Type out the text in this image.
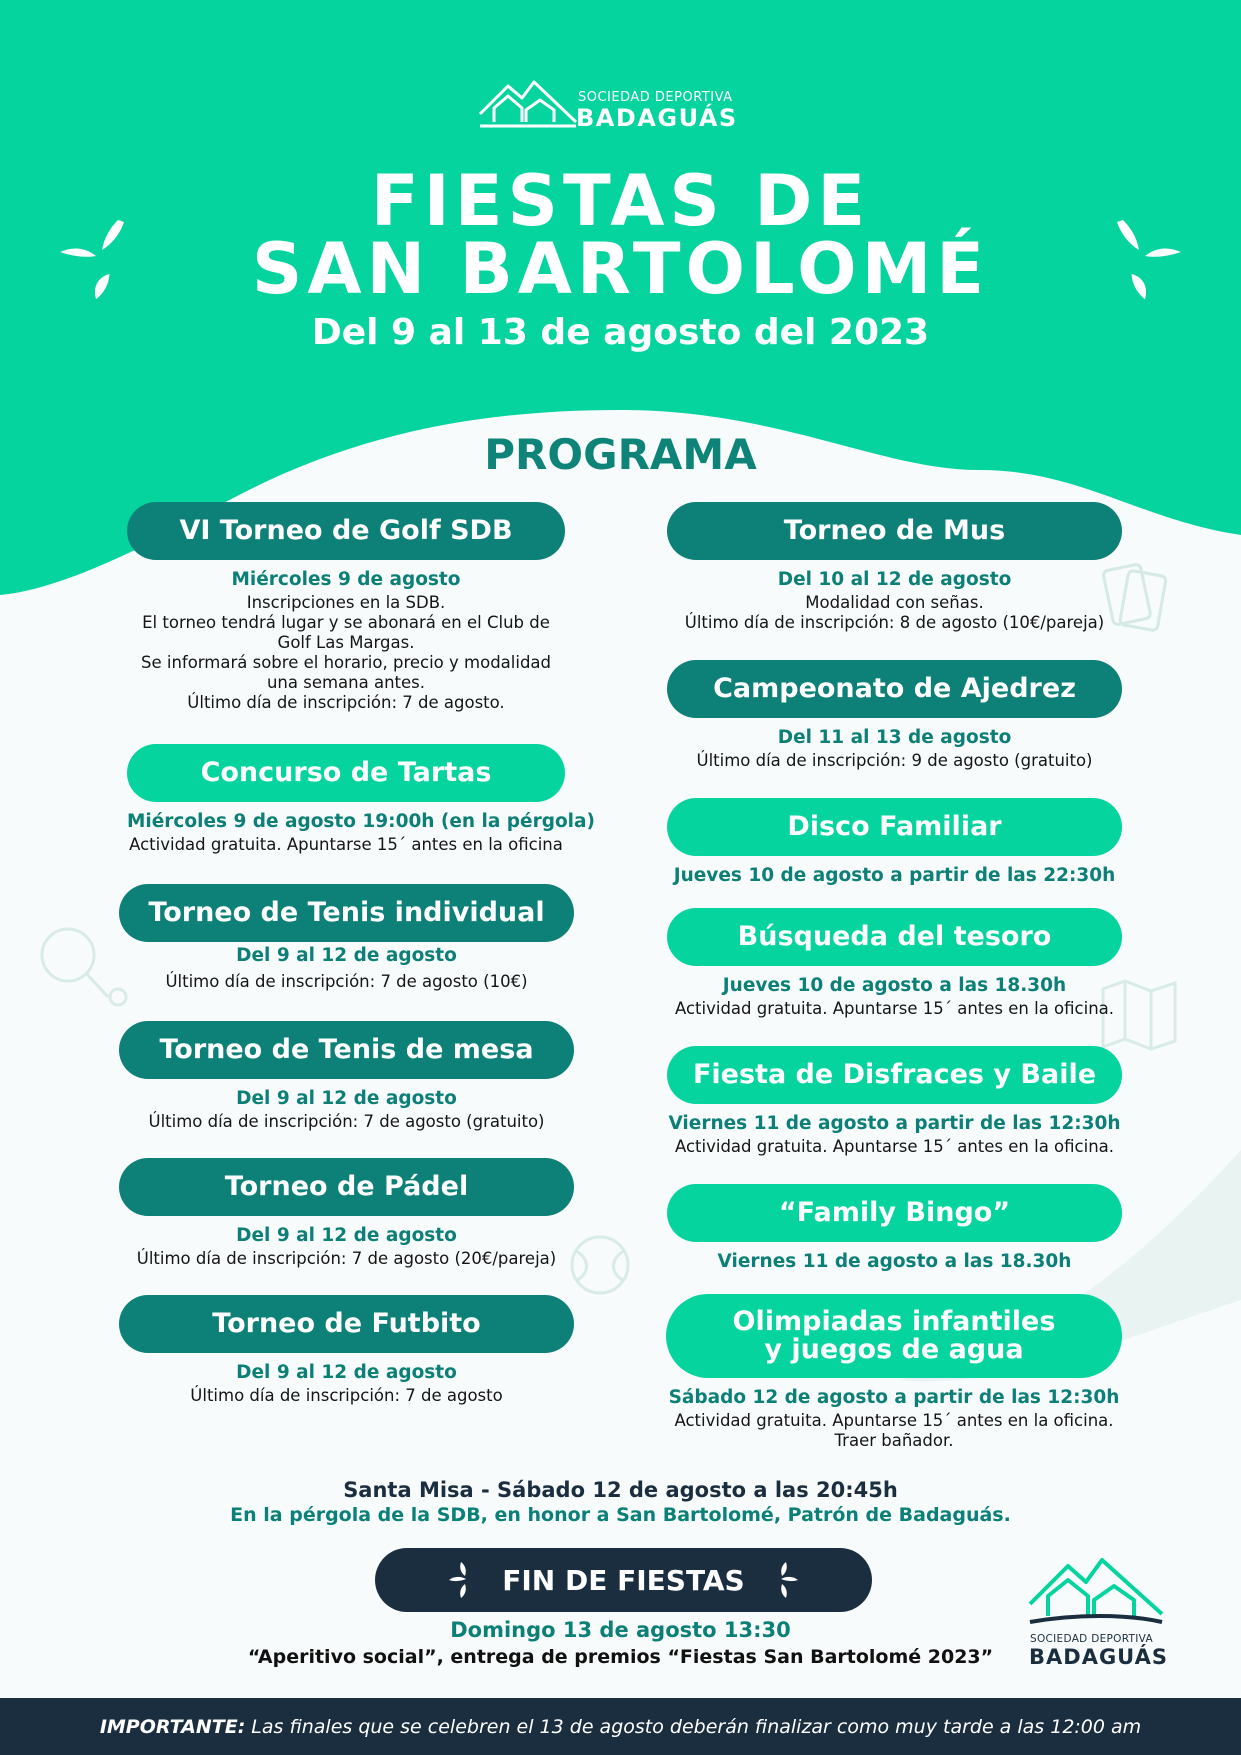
SOCIEDAD DEPORTIVA
BADAGUÁS
FIESTAS DE
SAN BARTOLOMÉ
Del 9 al 13 de agosto del 2023
PROGRAMA
VI Torneo de Golf SDB
Miércoles 9 de agosto
Inscripciones en la SDB.
El torneo tendrá lugar y se abonará en el Club de
Golf Las Margas.
Se informará sobre el horario, precio y modalidad
una semana antes.
Último día de inscripción: 7 de agosto.
Concurso de Tartas
Miércoles 9 de agosto 19:00h (en la pérgola)
Actividad gratuita. Apuntarse 15´ antes en la oficina
Torneo de Tenis individual
Del 9 al 12 de agosto
Último día de inscripción: 7 de agosto (10€)
Torneo de Tenis de mesa
Del 9 al 12 de agosto
Último día de inscripción: 7 de agosto (gratuito)
Torneo de Pádel
Del 9 al 12 de agosto
Último día de inscripción: 7 de agosto (20€/pareja)
Torneo de Futbito
Del 9 al 12 de agosto
Último día de inscripción: 7 de agosto
Torneo de Mus
Del 10 al 12 de agosto
Modalidad con señas.
Último día de inscripción: 8 de agosto (10€/pareja)
Campeonato de Ajedrez
Del 11 al 13 de agosto
Último día de inscripción: 9 de agosto (gratuito)
Disco Familiar
Jueves 10 de agosto a partir de las 22:30h
Búsqueda del tesoro
Jueves 10 de agosto a las 18.30h
Actividad gratuita. Apuntarse 15´ antes en la oficina.
Fiesta de Disfraces y Baile
Viernes 11 de agosto a partir de las 12:30h
Actividad gratuita. Apuntarse 15´ antes en la oficina.
“Family Bingo”
Viernes 11 de agosto a las 18.30h
Olimpiadas infantiles
y juegos de agua
Sábado 12 de agosto a partir de las 12:30h
Actividad gratuita. Apuntarse 15´ antes en la oficina.
Traer bañador.
Santa Misa - Sábado 12 de agosto a las 20:45h
En la pérgola de la SDB, en honor a San Bartolomé, Patrón de Badaguás.
FIN DE FIESTAS
Domingo 13 de agosto 13:30
“Aperitivo social”, entrega de premios “Fiestas San Bartolomé 2023”
SOCIEDAD DEPORTIVA
BADAGUÁS
IMPORTANTE: Las finales que se celebren el 13 de agosto deberán finalizar como muy tarde a las 12:00 am
